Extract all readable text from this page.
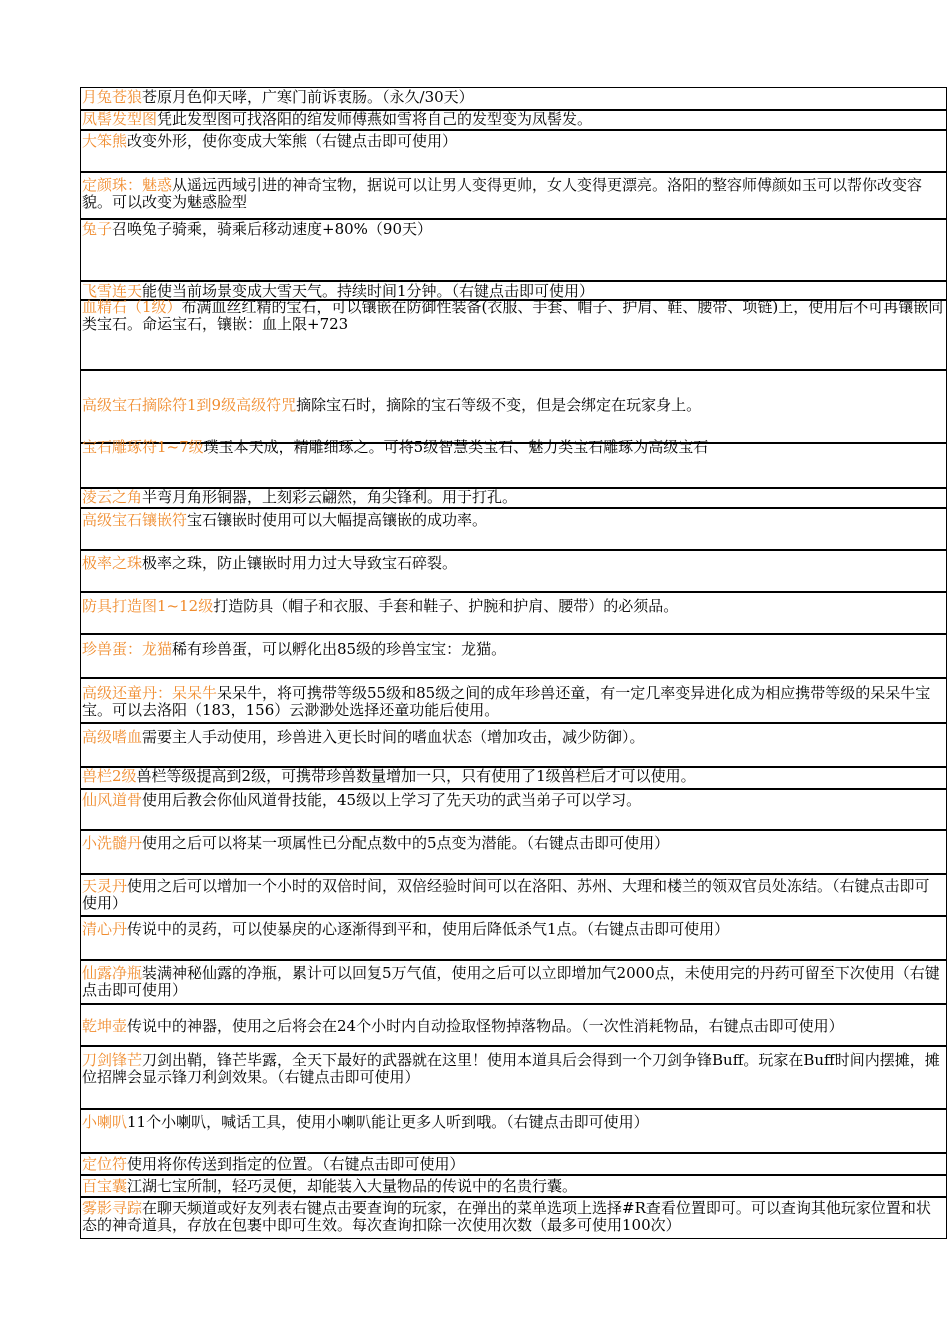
月兔苍狼苍原月色仰天哮，广寒门前诉衷肠。（永久/30天）
凤髻发型图凭此发型图可找洛阳的绾发师傅燕如雪将自己的发型变为凤髻发。
大笨熊改变外形，使你变成大笨熊（右键点击即可使用）
定颜珠：魅惑从遥远西域引进的神奇宝物，据说可以让男人变得更帅，女人变得更漂亮。洛阳的整容师傅颜如玉可以帮你改变容貌。可以改变为魅惑脸型
兔子召唤兔子骑乘，骑乘后移动速度+80%（90天）
飞雪连天能使当前场景变成大雪天气。持续时间1分钟。（右键点击即可使用）
血精石（1级）布满血丝红精的宝石，可以镶嵌在防御性装备(衣服、手套、帽子、护肩、鞋、腰带、项链)上，使用后不可再镶嵌同类宝石。命运宝石，镶嵌：血上限+723
高级宝石摘除符1到9级高级符咒摘除宝石时，摘除的宝石等级不变，但是会绑定在玩家身上。
宝石雕琢符1~7级璞玉本天成，精雕细琢之。可将5级智慧类宝石、魅力类宝石雕琢为高级宝石
淩云之角半弯月角形铜器，上刻彩云翩然，角尖锋利。用于打孔。
高级宝石镶嵌符宝石镶嵌时使用可以大幅提高镶嵌的成功率。
极率之珠极率之珠，防止镶嵌时用力过大导致宝石碎裂。
防具打造图1~12级打造防具（帽子和衣服、手套和鞋子、护腕和护肩、腰带）的必须品。
珍兽蛋：龙猫稀有珍兽蛋，可以孵化出85级的珍兽宝宝：龙猫。
高级还童丹：呆呆牛呆呆牛，将可携带等级55级和85级之间的成年珍兽还童，有一定几率变异进化成为相应携带等级的呆呆牛宝宝。可以去洛阳（183，156）云渺渺处选择还童功能后使用。
高级嗜血需要主人手动使用，珍兽进入更长时间的嗜血状态（增加攻击，减少防御）。
兽栏2级兽栏等级提高到2级，可携带珍兽数量增加一只，只有使用了1级兽栏后才可以使用。
仙风道骨使用后教会你仙风道骨技能，45级以上学习了先天功的武当弟子可以学习。
小洗髓丹使用之后可以将某一项属性已分配点数中的5点变为潜能。（右键点击即可使用）
天灵丹使用之后可以增加一个小时的双倍时间，双倍经验时间可以在洛阳、苏州、大理和楼兰的领双官员处冻结。（右键点击即可使用）
清心丹传说中的灵药，可以使暴戾的心逐渐得到平和，使用后降低杀气1点。（右键点击即可使用）
仙露净瓶装满神秘仙露的净瓶，累计可以回复5万气值，使用之后可以立即增加气2000点，未使用完的丹药可留至下次使用（右键点击即可使用）
乾坤壶传说中的神器，使用之后将会在24个小时内自动捡取怪物掉落物品。（一次性消耗物品，右键点击即可使用）
刀剑锋芒刀剑出鞘，锋芒毕露，全天下最好的武器就在这里！使用本道具后会得到一个刀剑争锋Buff。玩家在Buff时间内摆摊，摊位招牌会显示锋刀利剑效果。（右键点击即可使用）
小喇叭11个小喇叭，喊话工具，使用小喇叭能让更多人听到哦。（右键点击即可使用）
定位符使用将你传送到指定的位置。（右键点击即可使用）
百宝囊江湖七宝所制，轻巧灵便，却能装入大量物品的传说中的名贵行囊。
雾影寻踪在聊天频道或好友列表右键点击要查询的玩家，在弹出的菜单选项上选择#R查看位置即可。可以查询其他玩家位置和状态的神奇道具，存放在包裹中即可生效。每次查询扣除一次使用次数（最多可使用100次）
